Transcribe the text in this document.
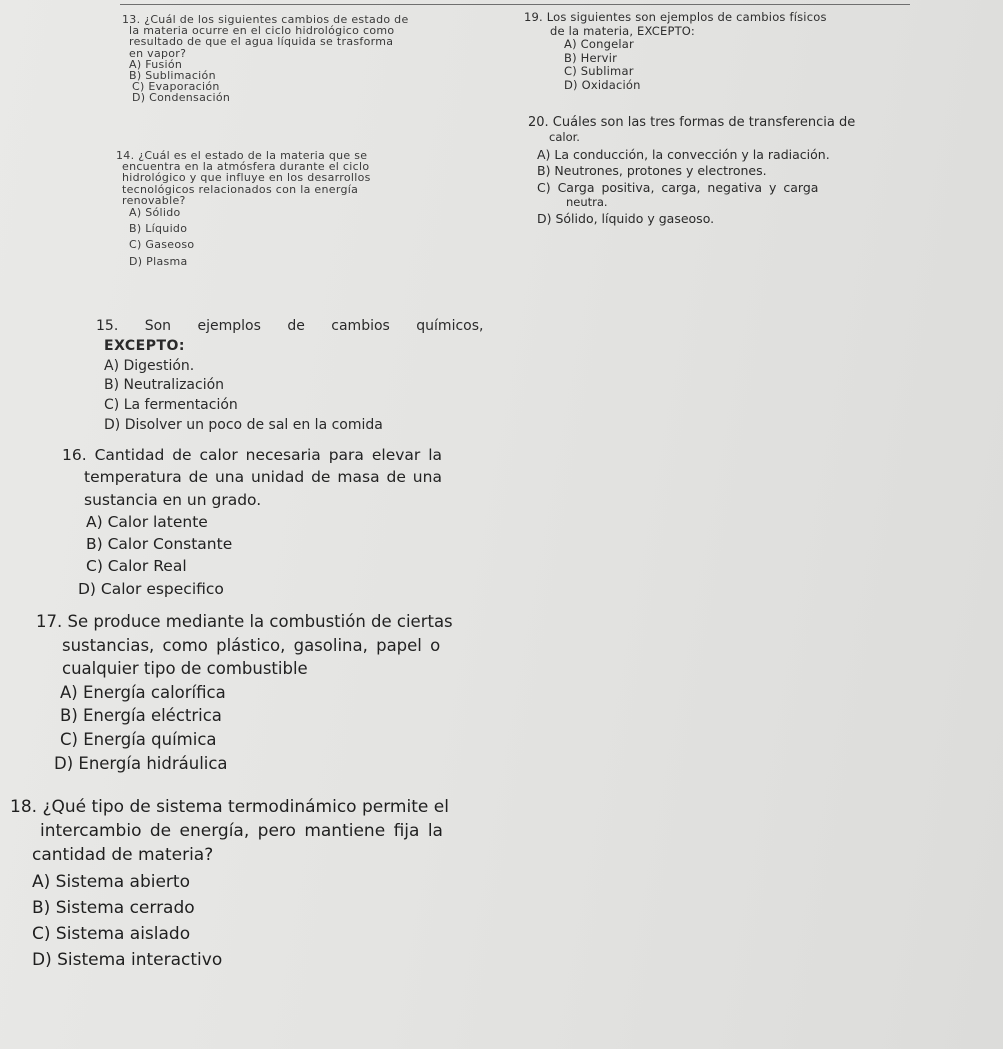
13. ¿Cuál de los siguientes cambios de estado de
la materia ocurre en el ciclo hidrológico como
resultado de que el agua líquida se trasforma
en vapor?
A) Fusión
B) Sublimación
C) Evaporación
D) Condensación
14. ¿Cuál es el estado de la materia que se
encuentra en la atmósfera durante el ciclo
hidrológico y que influye en los desarrollos
tecnológicos relacionados con la energía
renovable?
A) Sólido
B) Líquido
C) Gaseoso
D) Plasma
15. Son ejemplos de cambios químicos,
EXCEPTO:
A) Digestión.
B) Neutralización
C) La fermentación
D) Disolver un poco de sal en la comida
16. Cantidad de calor necesaria para elevar la
temperatura de una unidad de masa de una
sustancia en un grado.
A) Calor latente
B) Calor Constante
C) Calor Real
D) Calor especifico
17. Se produce mediante la combustión de ciertas
sustancias, como plástico, gasolina, papel o
cualquier tipo de combustible
A) Energía calorífica
B) Energía eléctrica
C) Energía química
D) Energía hidráulica
18. ¿Qué tipo de sistema termodinámico permite el
intercambio de energía, pero mantiene fija la
cantidad de materia?
A) Sistema abierto
B) Sistema cerrado
C) Sistema aislado
D) Sistema interactivo
19. Los siguientes son ejemplos de cambios físicos
de la materia, EXCEPTO:
A) Congelar
B) Hervir
C) Sublimar
D) Oxidación
20. Cuáles son las tres formas de transferencia de
calor.
A) La conducción, la convección y la radiación.
B) Neutrones, protones y electrones.
C) Carga positiva, carga, negativa y carga
neutra.
D) Sólido, líquido y gaseoso.
